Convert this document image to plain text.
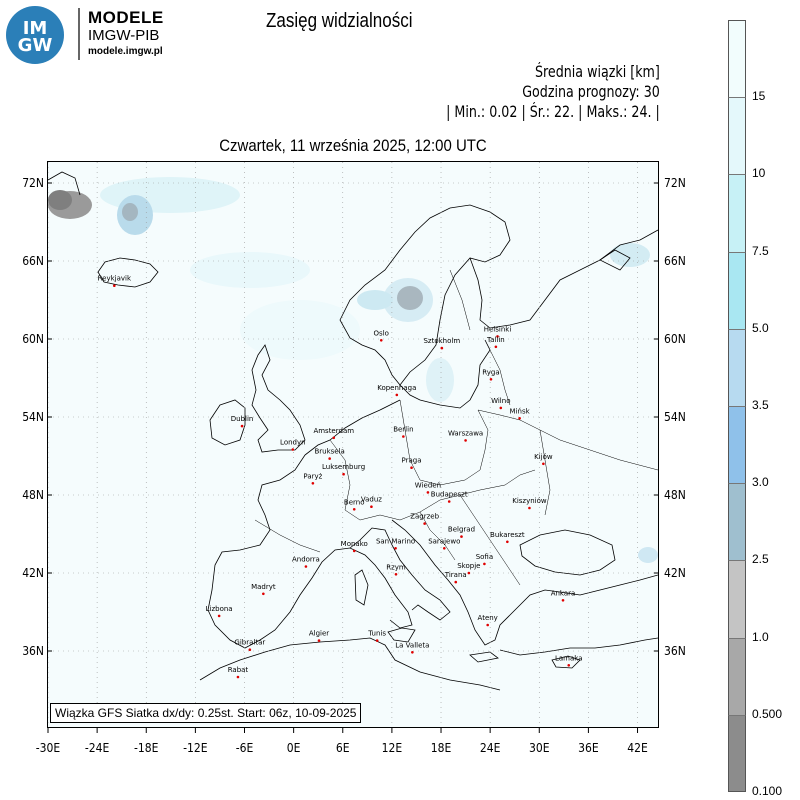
IM
GW
MODELE
IMGW-PIB
modele.imgw.pl
Zasięg widzialności
Średnia wiązki [km]
Godzina prognozy: 30
| Min.: 0.02 | Śr.: 22. | Maks.: 24. |
Reykjavik
Oslo
Sztokholm
Helsinki
Tallin
Ryga
Kopenhaga
Wilno
Mińsk
Dublin
Amsterdam	Berlin	Warszawa
Londyn
Bruksela
Kijów
Luksemburg
Praga
Paryż
Wiedeń
Budapeszt
Kiszyniów
Berno
Vaduz
Zagrzeb
Belgrad
Bukareszt
Monako San Marino Sarajewo
Andorra	Sofia
Skopje
Rzym
Tirana
Madryt
Ankara
Lizbona
Ateny
Algier	Tunis
Gibraltar	La Valleta
Lamaka
Rabat
72N	72N
66N	66N
60N	60N
54N	54N
48N	48N
42N	42N
36N	36N
-30E -24E -18E -12E -6E	0E	6E	12E 18E 24E 30E 36E 42E
Czwartek, 11 września 2025, 12:00 UTC
Wiązka GFS Siatka dx/dy: 0.25st. Start: 06z, 10-09-2025
15
10
7.5
5.0
3.5
3.0
2.5
1.0
0.500
0.100
